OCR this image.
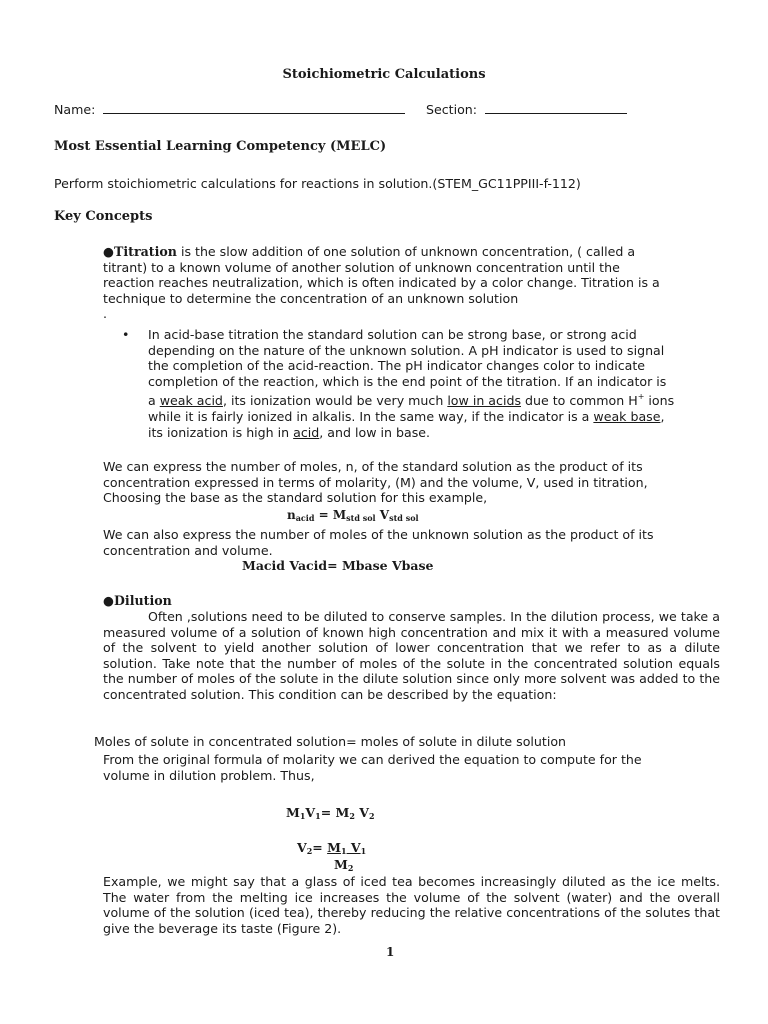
Stoichiometric Calculations
Name:	Section:
Most Essential Learning Competency (MELC)
Perform stoichiometric calculations for reactions in solution.(STEM_GC11PPIII-f-112)
Key Concepts
●Titration is the slow addition of one solution of unknown concentration, ( called a
titrant) to a known volume of another solution of unknown concentration until the
reaction reaches neutralization, which is often indicated by a color change. Titration is a
technique to determine the concentration of an unknown solution
.
• In acid-base titration the standard solution can be strong base, or strong acid
depending on the nature of the unknown solution. A pH indicator is used to signal
the completion of the acid-reaction. The pH indicator changes color to indicate
completion of the reaction, which is the end point of the titration. If an indicator is
a weak acid, its ionization would be very much low in acids due to common H+ ions
while it is fairly ionized in alkalis. In the same way, if the indicator is a weak base,
its ionization is high in acid, and low in base.
We can express the number of moles, n, of the standard solution as the product of its
concentration expressed in terms of molarity, (M) and the volume, V, used in titration,
Choosing the base as the standard solution for this example,
$n_{acid} = M_{std sol}$ $V_{std sol}$
We can also express the number of moles of the unknown solution as the product of its
concentration and volume.
Macid Vacid= Mbase Vbase
●Dilution
Often ,solutions need to be diluted to conserve samples. In the dilution process, we take a measured volume of a solution of known high concentration and mix it with a measured volume of the solvent to yield another solution of lower concentration that we refer to as a dilute solution. Take note that the number of moles of the solute in the concentrated solution equals the number of moles of the solute in the dilute solution since only more solvent was added to the concentrated solution. This condition can be described by the equation:
Moles of solute in concentrated solution= moles of solute in dilute solution
From the original formula of molarity we can derived the equation to compute for the
volume in dilution problem. Thus,
$M_1V_1= M_2$ $V_2$
$V_2= M_1$ $V_1$
$M_2$
Example, we might say that a glass of iced tea becomes increasingly diluted as the ice melts. The water from the melting ice increases the volume of the solvent (water) and the overall volume of the solution (iced tea), thereby reducing the relative concentrations of the solutes that give the beverage its taste (Figure 2).
1
